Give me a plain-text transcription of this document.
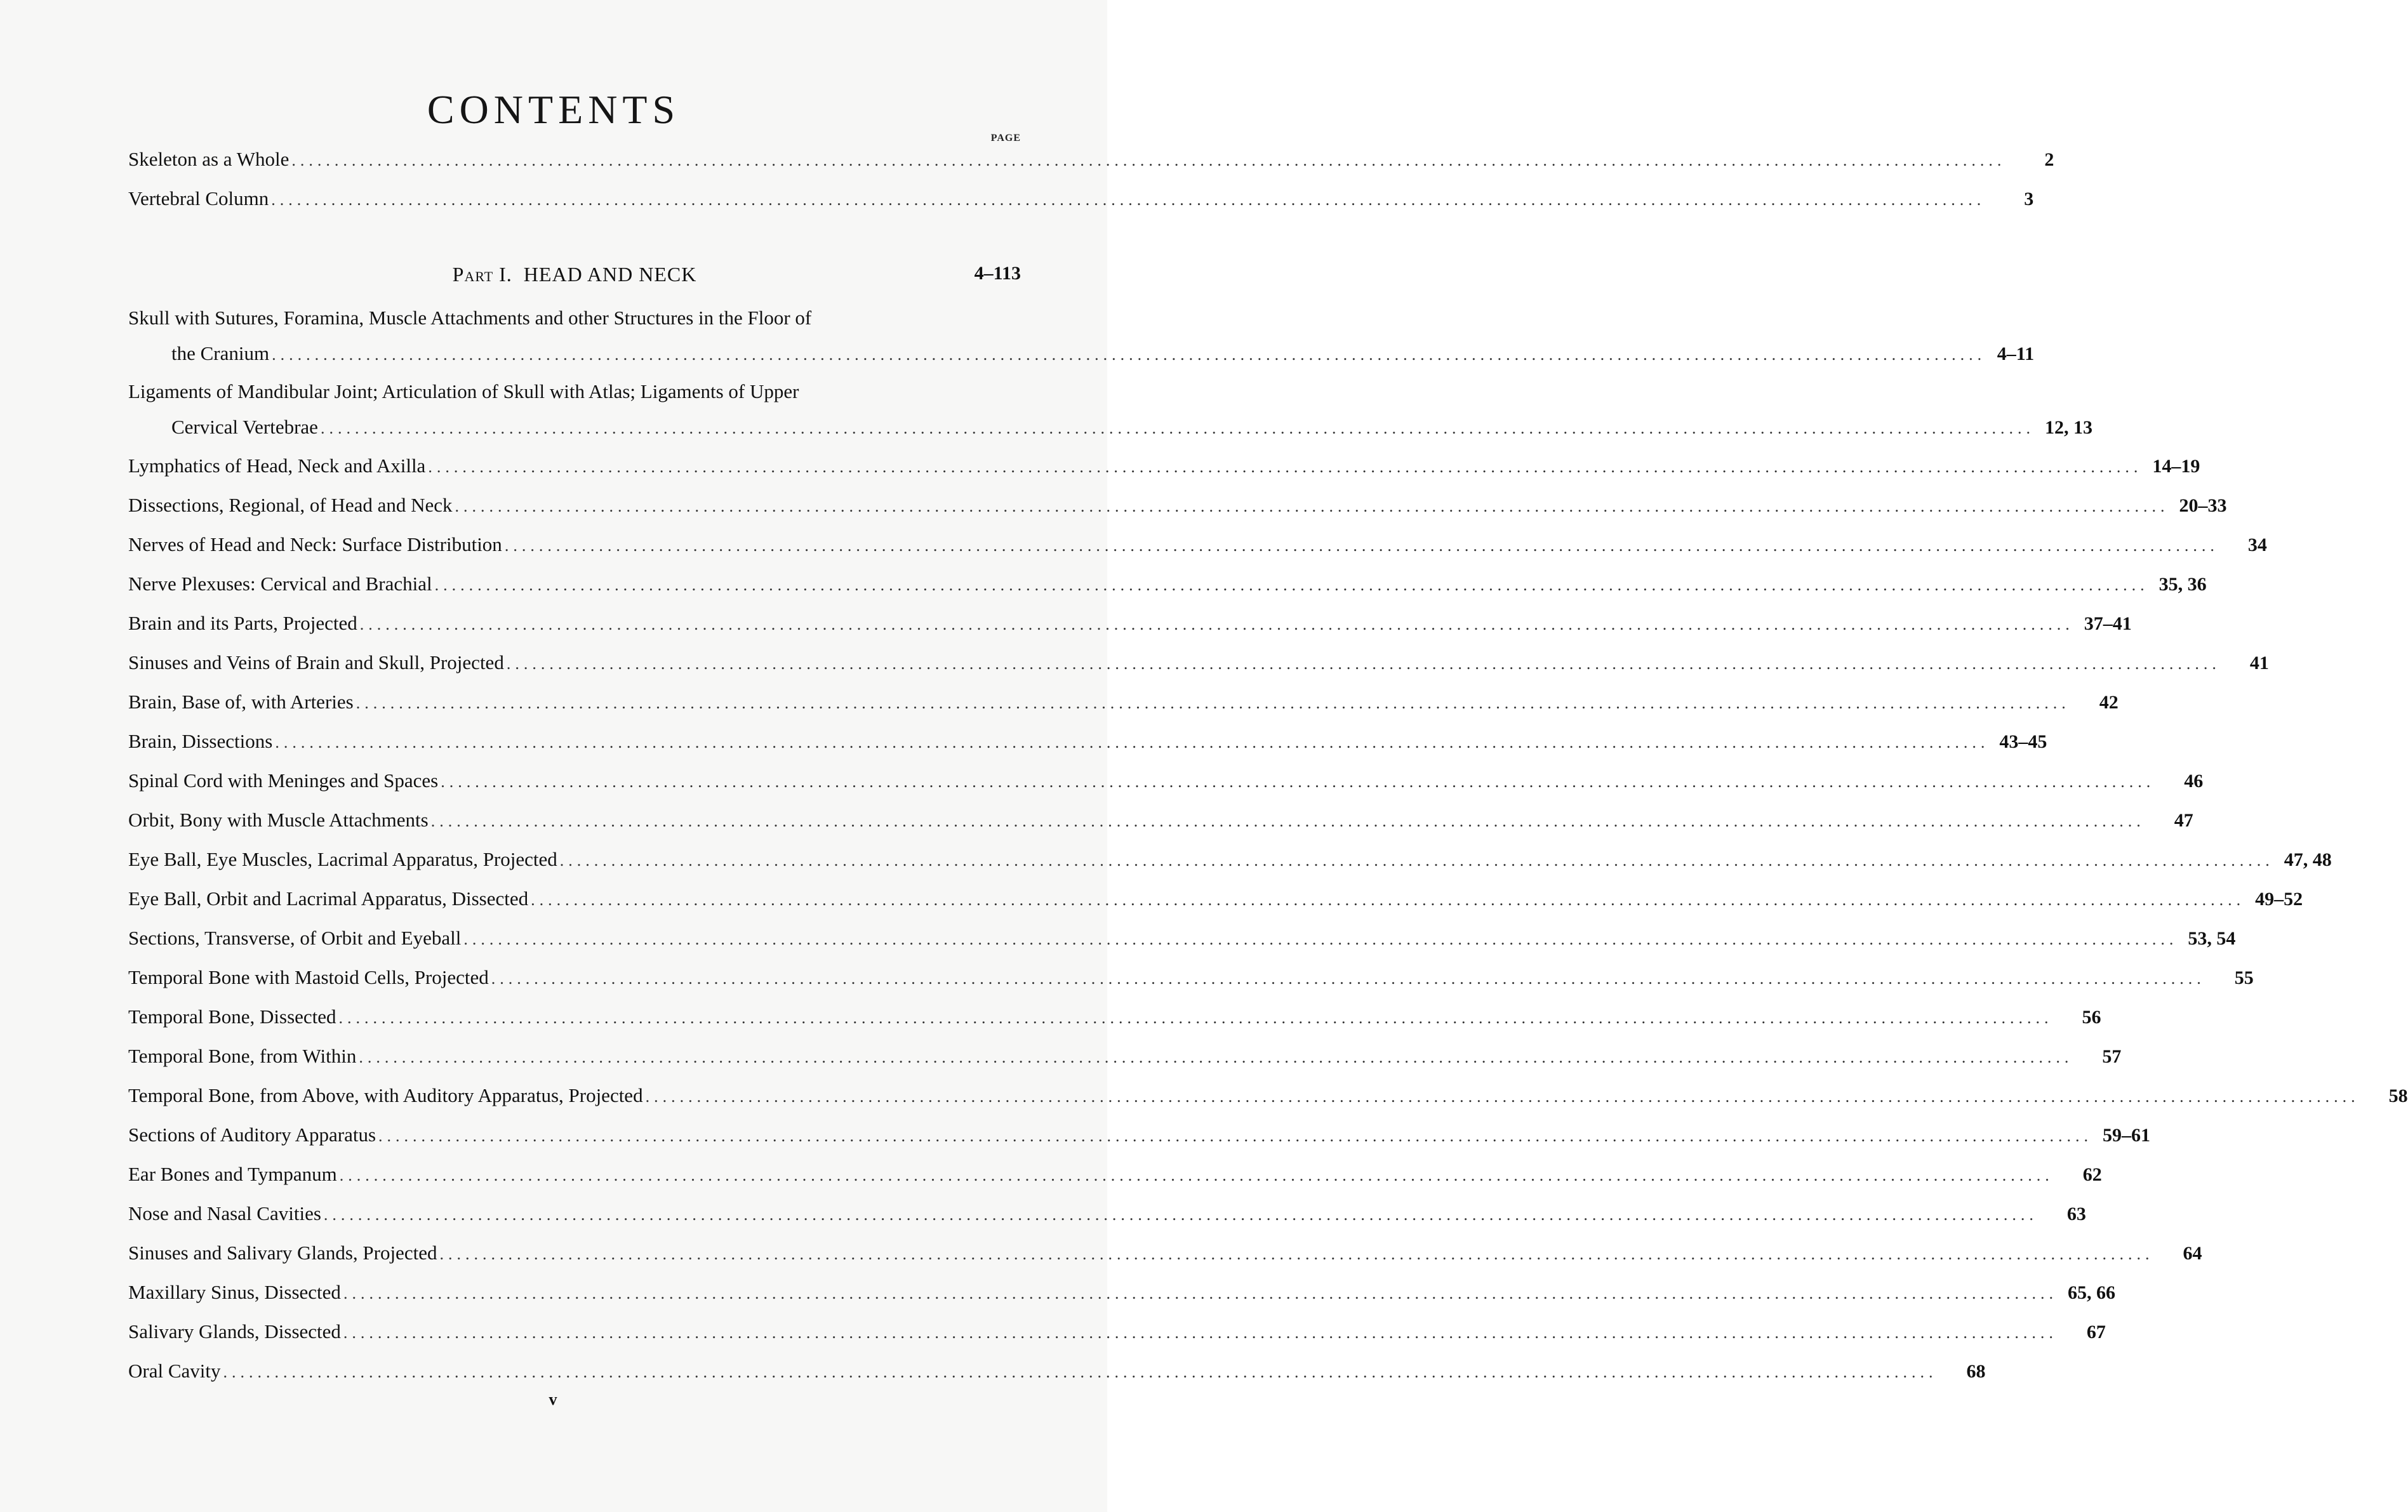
CONTENTS
PAGE
Skeleton as a Whole ........................................................................................................................................................................................................	2
Vertebral Column ........................................................................................................................................................................................................	3
Part I. HEAD AND NECK	4–113
Skull with Sutures, Foramina, Muscle Attachments and other Structures in the Floor of
the Cranium ........................................................................................................................................................................................................ 4–11
Ligaments of Mandibular Joint; Articulation of Skull with Atlas; Ligaments of Upper
Cervical Vertebrae ........................................................................................................................................................................................................ 12, 13
Lymphatics of Head, Neck and Axilla ........................................................................................................................................................................................................ 14–19
Dissections, Regional, of Head and Neck ........................................................................................................................................................................................................ 20–33
Nerves of Head and Neck: Surface Distribution ........................................................................................................................................................................................................	34
Nerve Plexuses: Cervical and Brachial ........................................................................................................................................................................................................ 35, 36
Brain and its Parts, Projected ........................................................................................................................................................................................................ 37–41
Sinuses and Veins of Brain and Skull, Projected ........................................................................................................................................................................................................	41
Brain, Base of, with Arteries ........................................................................................................................................................................................................	42
Brain, Dissections ........................................................................................................................................................................................................ 43–45
Spinal Cord with Meninges and Spaces ........................................................................................................................................................................................................	46
Orbit, Bony with Muscle Attachments ........................................................................................................................................................................................................	47
Eye Ball, Eye Muscles, Lacrimal Apparatus, Projected ........................................................................................................................................................................................................ 47, 48
Eye Ball, Orbit and Lacrimal Apparatus, Dissected ........................................................................................................................................................................................................ 49–52
Sections, Transverse, of Orbit and Eyeball ........................................................................................................................................................................................................ 53, 54
Temporal Bone with Mastoid Cells, Projected ........................................................................................................................................................................................................	55
Temporal Bone, Dissected ........................................................................................................................................................................................................	56
Temporal Bone, from Within ........................................................................................................................................................................................................	57
Temporal Bone, from Above, with Auditory Apparatus, Projected ........................................................................................................................................................................................................	58
Sections of Auditory Apparatus ........................................................................................................................................................................................................ 59–61
Ear Bones and Tympanum ........................................................................................................................................................................................................	62
Nose and Nasal Cavities ........................................................................................................................................................................................................	63
Sinuses and Salivary Glands, Projected ........................................................................................................................................................................................................	64
Maxillary Sinus, Dissected ........................................................................................................................................................................................................ 65, 66
Salivary Glands, Dissected ........................................................................................................................................................................................................	67
Oral Cavity ........................................................................................................................................................................................................	68
v
